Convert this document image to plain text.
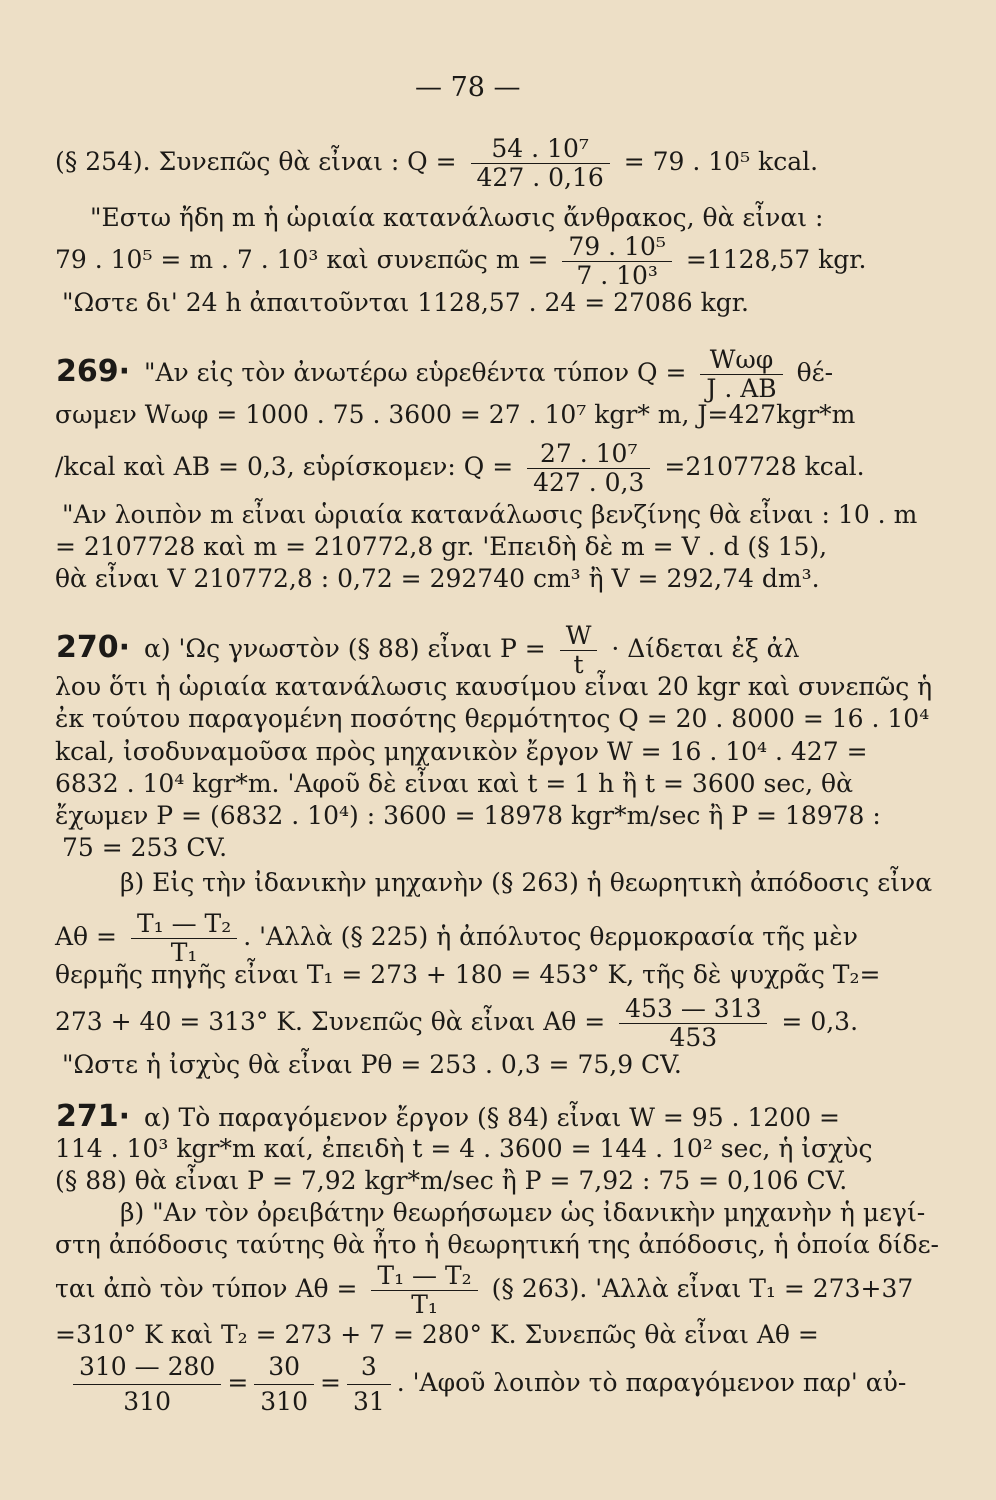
— 78 —
(§ 254). Συνεπῶς θὰ εἶναι : $Q = \frac{\text{54 . 10⁷}}{427 . 0,16} = 79$ . 10⁵ kcal.
"Εστω ἤδη m ἡ ὡριαία κατανάλωσις ἄνθρακος, θὰ εἶναι :
79 . 10⁵ = m . 7 . 10³ καὶ συνεπῶς $m = \frac{\text{79 . 10⁵}}{\text{7 . 10³}} =1128,57$ kgr.
"Ωστε δι' 24 h ἀπαιτοῦνται 1128,57 . 24 = 27086 kgr.
269· "Αν εἰς τὸν ἀνωτέρω εὑρεθέντα τύπον $Q = \frac{\text{Wωφ}}{J . AB} \theta έ-$
σωμεν Wωφ = 1000 . 75 . 3600 = 27 . 10⁷ kgr* m, J=427kgr*m
/kcal καὶ AB = 0,3, εὑρίσκομεν: $Q = \frac{\text{27 . 10⁷}}{427 . 0,3} =2107728$ kcal.
"Αν λοιπὸν m εἶναι ὡριαία κατανάλωσις βενζίνης θὰ εἶναι : 10 . m
= 2107728 καὶ m = 210772,8 gr. 'Επειδὴ δὲ m = V . d (§ 15),
θὰ εἶναι V 210772,8 : 0,72 = 292740 cm³ ἢ V = 292,74 dm³.
270· α) 'Ως γνωστὸν (§ 88) εἶναι $P = \frac{W}{t} \cdot \Delta ί\delta\varepsilon\tau\alpha\iota$ ἐξ ἀλ
λου ὅτι ἡ ὡριαία κατανάλωσις καυσίμου εἶναι 20 kgr καὶ συνεπῶς ἡ
ἐκ τούτου παραγομένη ποσότης θερμότητος Q = 20 . 8000 = 16 . 10⁴
kcal, ἰσοδυναμοῦσα πρὸς μηχανικὸν ἔργον W = 16 . 10⁴ . 427 =
6832 . 10⁴ kgr*m. 'Αφοῦ δὲ εἶναι καὶ t = 1 h ἢ t = 3600 sec, θὰ
ἔχωμεν P = (6832 . 10⁴) : 3600 = 18978 kgr*m/sec ἢ P = 18978 :
75 = 253 CV.
β) Εἰς τὴν ἰδανικὴν μηχανὴν (§ 263) ἡ θεωρητικὴ ἀπόδοσις εἶνα
$A\theta = \frac{\text{T₁ — T₂}}{\text{T₁}}$ . 'Αλλὰ (§ 225) ἡ ἀπόλυτος θερμοκρασία τῆς μὲν
θερμῆς πηγῆς εἶναι T₁ = 273 + 180 = 453° K, τῆς δὲ ψυχρᾶς T₂=
273 + 40 = 313° K. Συνεπῶς θὰ εἶναι $A\theta = \frac{453 — 313}{453} = 0,3$.
"Ωστε ἡ ἰσχὺς θὰ εἶναι Pθ = 253 . 0,3 = 75,9 CV.
271· α) Τὸ παραγόμενον ἔργον (§ 84) εἶναι W = 95 . 1200 =
114 . 10³ kgr*m καί, ἐπειδὴ t = 4 . 3600 = 144 . 10² sec, ἡ ἰσχὺς
(§ 88) θὰ εἶναι P = 7,92 kgr*m/sec ἢ P = 7,92 : 75 = 0,106 CV.
β) "Αν τὸν ὀρειβάτην θεωρήσωμεν ὡς ἰδανικὴν μηχανὴν ἡ μεγί-
στη ἀπόδοσις ταύτης θὰ ἦτο ἡ θεωρητική της ἀπόδοσις, ἡ ὁποία δίδε-
ται ἀπὸ τὸν τύπον $A\theta = \frac{\text{T₁ — T₂}}{\text{T₁}}$ (§ 263). 'Αλλὰ εἶναι T₁ = 273+37
=310° K καὶ T₂ = 273 + 7 = 280° K. Συνεπῶς θὰ εἶναι Aθ =
$\frac{310 — 280}{310} = \frac{30}{310} = \frac{3}{31}$ . 'Αφοῦ λοιπὸν τὸ παραγόμενον παρ' αὐ-
